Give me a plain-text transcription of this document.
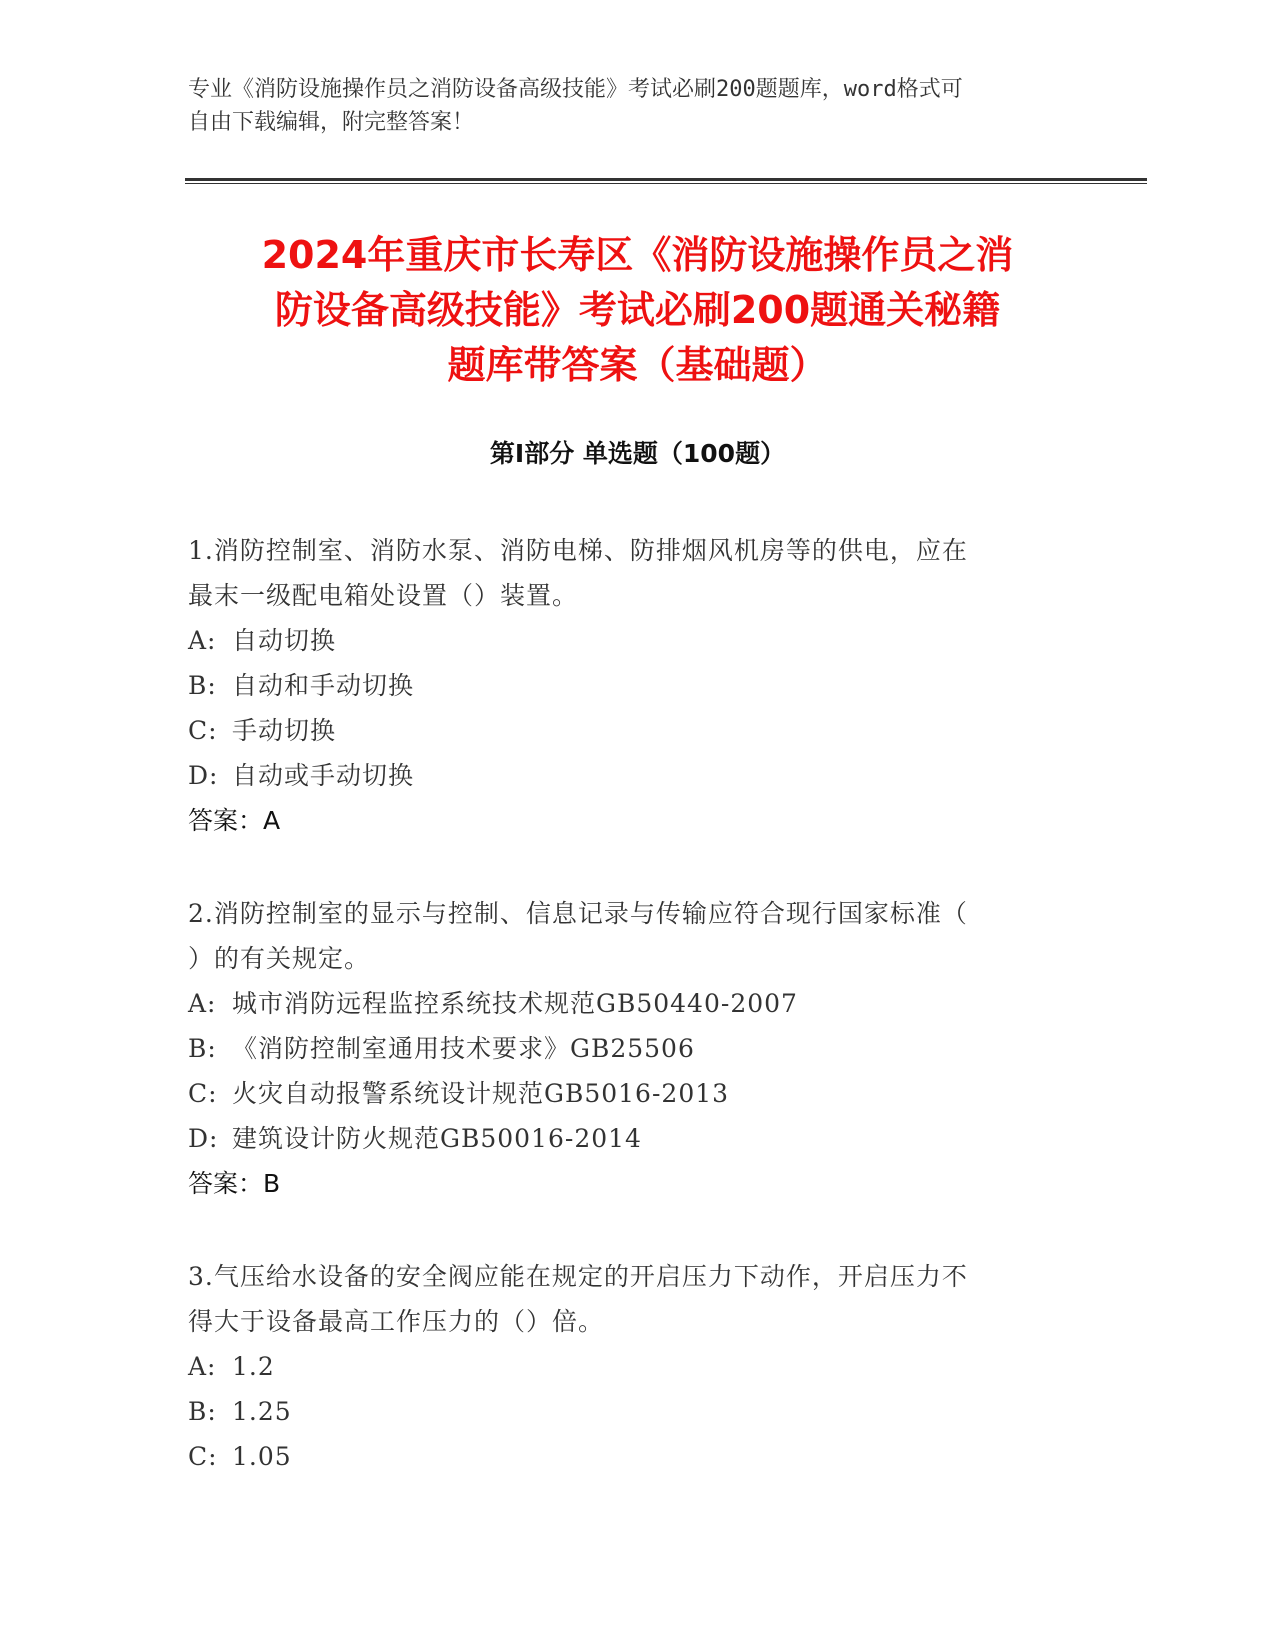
专业《消防设施操作员之消防设备高级技能》考试必刷200题题库，word格式可
自由下载编辑，附完整答案！
2024年重庆市长寿区《消防设施操作员之消
防设备高级技能》考试必刷200题通关秘籍
题库带答案（基础题）
第Ⅰ部分 单选题（100题）
1.消防控制室、消防水泵、消防电梯、防排烟风机房等的供电，应在
最末一级配电箱处设置（）装置。
A: 自动切换
B: 自动和手动切换
C: 手动切换
D: 自动或手动切换
答案：A
2.消防控制室的显示与控制、信息记录与传输应符合现行国家标准（
）的有关规定。
A: 城市消防远程监控系统技术规范GB50440-2007
B: 《消防控制室通用技术要求》GB25506
C: 火灾自动报警系统设计规范GB5016-2013
D: 建筑设计防火规范GB50016-2014
答案：B
3.气压给水设备的安全阀应能在规定的开启压力下动作，开启压力不
得大于设备最高工作压力的（）倍。
A: 1.2
B: 1.25
C: 1.05
